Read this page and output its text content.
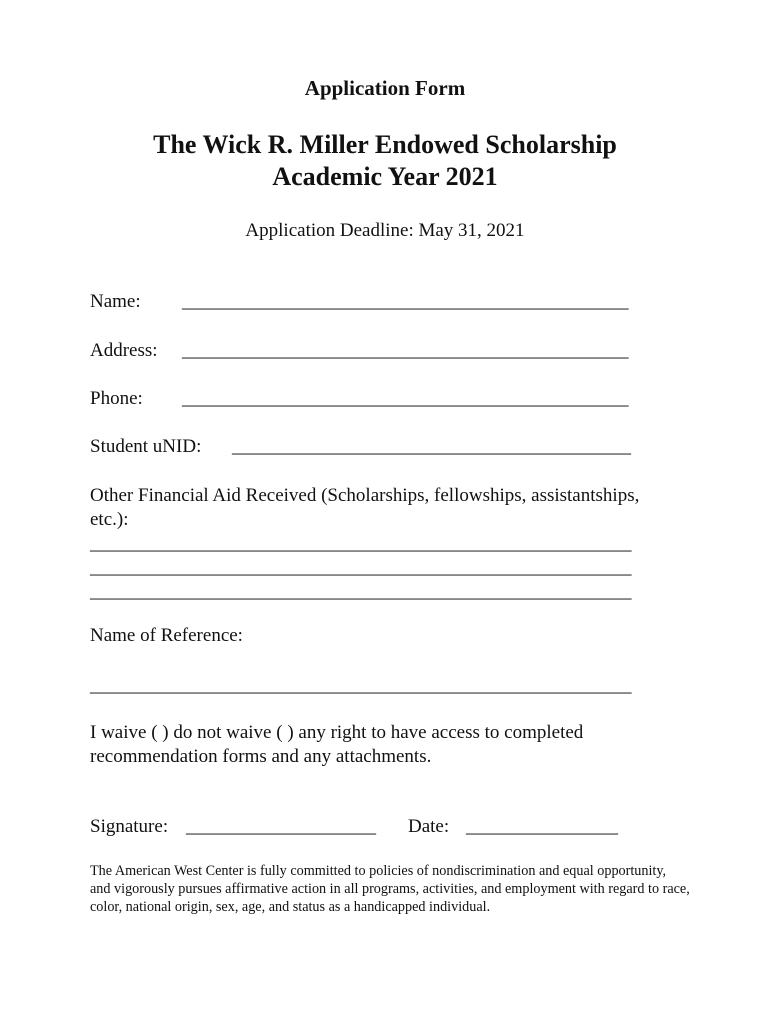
Application Form
The Wick R. Miller Endowed Scholarship
Academic Year 2021
Application Deadline: May 31, 2021
Name: _______________________________________________
Address: _______________________________________________
Phone: _______________________________________________
Student uNID: __________________________________________
Other Financial Aid Received (Scholarships, fellowships, assistantships,
etc.):
_________________________________________________________
_________________________________________________________
_________________________________________________________
Name of Reference:
_________________________________________________________
I waive ( ) do not waive ( ) any right to have access to completed
recommendation forms and any attachments.
Signature: ____________________ Date: ________________
The American West Center is fully committed to policies of nondiscrimination and equal opportunity, and vigorously pursues affirmative action in all programs, activities, and employment with regard to race, color, national origin, sex, age, and status as a handicapped individual.
